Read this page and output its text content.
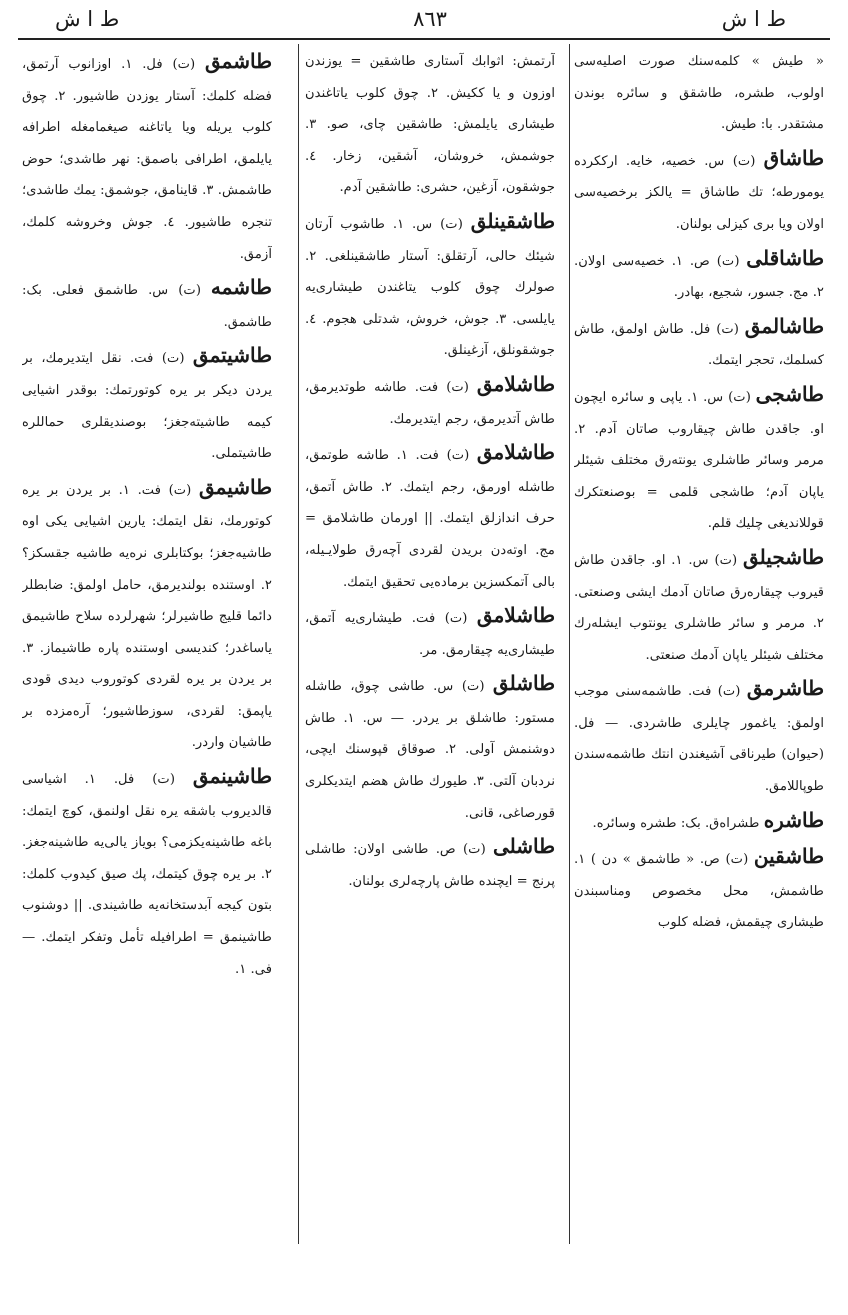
ط ا ش
٨٦٣
ط ا ش
« طیش » کلمه‌سنك صورت اصلیه‌سی اولوب، طشره، طاشقق و سائره بوندن مشتقدر. با: طیش.
طاشاق (ت) س. خصیه، خایه. ارککرده یومورطه؛ تك طاشاق = یالکز برخصیه‌سی اولان ویا بری کیزلی بولنان.
طاشاقلی (ت) ص. ۱. خصیه‌سی اولان. ۲. مج. جسور، شجیع، بهادر.
طاشالمق (ت) فل. طاش اولمق، طاش کسلمك، تحجر ایتمك.
طاشجی (ت) س. ۱. یاپی و سائره ایچون او. جاقدن طاش چیقاروب صاتان آدم. ۲. مرمر وسائر طاشلری یونتەرق مختلف شیئلر یاپان آدم؛ طاشجی قلمی = بوصنعتکرك قوللاندیغی چلیك قلم.
طاشجیلق (ت) س. ۱. او. جاقدن طاش قیروب چیقارەرق صاتان آدمك ایشی وصنعتی. ۲. مرمر و سائر طاشلری یونتوب ایشلەرك مختلف شیئلر یاپان آدمك صنعتی.
طاشرمق (ت) فت. طاشمه‌سنی موجب اولمق: یاغمور چایلری طاشردی. — فل. (حیوان) طیرناقی آشیغندن انتك طاشمه‌سندن طوپاللامق.
طاشره طشراەق. بک: طشره وسائره.
طاشقین (ت) ص. « طاشمق » دن ) ۱. طاشمش، محل مخصوص ومناسبندن طیشاری چیقمش، فضله کلوب
آرتمش: اثوابك آستاری طاشقین = یوزندن اوزون و یا ککیش. ۲. چوق کلوب یاتاغندن طیشاری یایلمش: طاشقین چای، صو. ۳. جوشمش، خروشان، آشقین، زخار. ٤. جوشقون، آزغین، حشری: طاشقین آدم.
طاشقینلق (ت) س. ۱. طاشوب آرتان شیئك حالی، آرتقلق: آستار طاشقینلغی. ۲. صولرك چوق کلوب یتاغندن طیشاری‌یه یایلسی. ۳. جوش، خروش، شدتلی هجوم. ٤. جوشقونلق، آزغینلق.
طاشلامق (ت) فت. طاشه طوتدیرمق، طاش آتدیرمق، رجم ایتدیرمك.
طاشلامق (ت) فت. ۱. طاشه طوتمق، طاشله اورمق، رجم ایتمك. ۲. طاش آتمق، حرف اندازلق ایتمك. || اورمان طاشلامق = مج. اوتەدن بریدن لقردی آچەرق طولایـیله، بالی آتمکسزین برماده‌یی تحقیق ایتمك.
طاشلامق (ت) فت. طیشاری‌یه آتمق، طیشاری‌یه چیقارمق. مر.
طاشلق (ت) س. طاشی چوق، طاشله مستور: طاشلق بر یردر. — س. ۱. طاش دوشنمش آولی. ۲. صوقاق قپوسنك ایچی، نردبان آلتی. ۳. طیورك طاش هضم ایتدیکلری قورصاغی، قانی.
طاشلی (ت) ص. طاشی اولان: طاشلی پرنج = ایچنده طاش پارچەلری بولنان.
طاشمق (ت) فل. ۱. اوزانوب آرتمق، فضله کلمك: آستار یوزدن طاشیور. ۲. چوق کلوب یریله ویا یاتاغنه صیغمامغله اطرافه یایلمق، اطرافی باصمق: نهر طاشدی؛ حوض طاشمش. ۳. قاینامق، جوشمق: یمك طاشدی؛ تنجره طاشیور. ٤. جوش وخروشه کلمك، آزمق.
طاشمه (ت) س. طاشمق فعلی. بک: طاشمق.
طاشیتمق (ت) فت. نقل ایتدیرمك، بر یردن دیکر بر یره کوتورتمك: بوقدر اشیایی کیمه طاشیته‌جغز؛ بوصندیقلری حماللره طاشیتملی.
طاشیمق (ت) فت. ۱. بر یردن بر یره کوتورمك، نقل ایتمك: یارین اشیایی یکی اوه طاشیه‌جغز؛ بوکتابلری نره‌یه طاشیه جقسکز؟ ۲. اوستنده بولندیرمق، حامل اولمق: ضابطلر دائما قلیج طاشیرلر؛ شهرلرده سلاح طاشیمق یاساغدر؛ کندیسی اوستنده پاره طاشیماز. ۳. بر یردن بر یره لقردی کوتوروب دیدی قودی یاپمق: لقردی، سوزطاشیور؛ آره‌مزده بر طاشیان واردر.
طاشینمق (ت) فل. ۱. اشیاسی قالدیروب باشقه یره نقل اولنمق، کوچ ایتمك: باغه طاشینه‌یکزمی؟ بویاز یالی‌یه طاشینه‌جغز. ۲. بر یره چوق کیتمك، پك صیق کیدوب کلمك: بتون کیجه آبدستخانه‌یه طاشیندی. || دوشنوب طاشینمق = اطرافیله تأمل وتفکر ایتمك. — فی. ۱.
